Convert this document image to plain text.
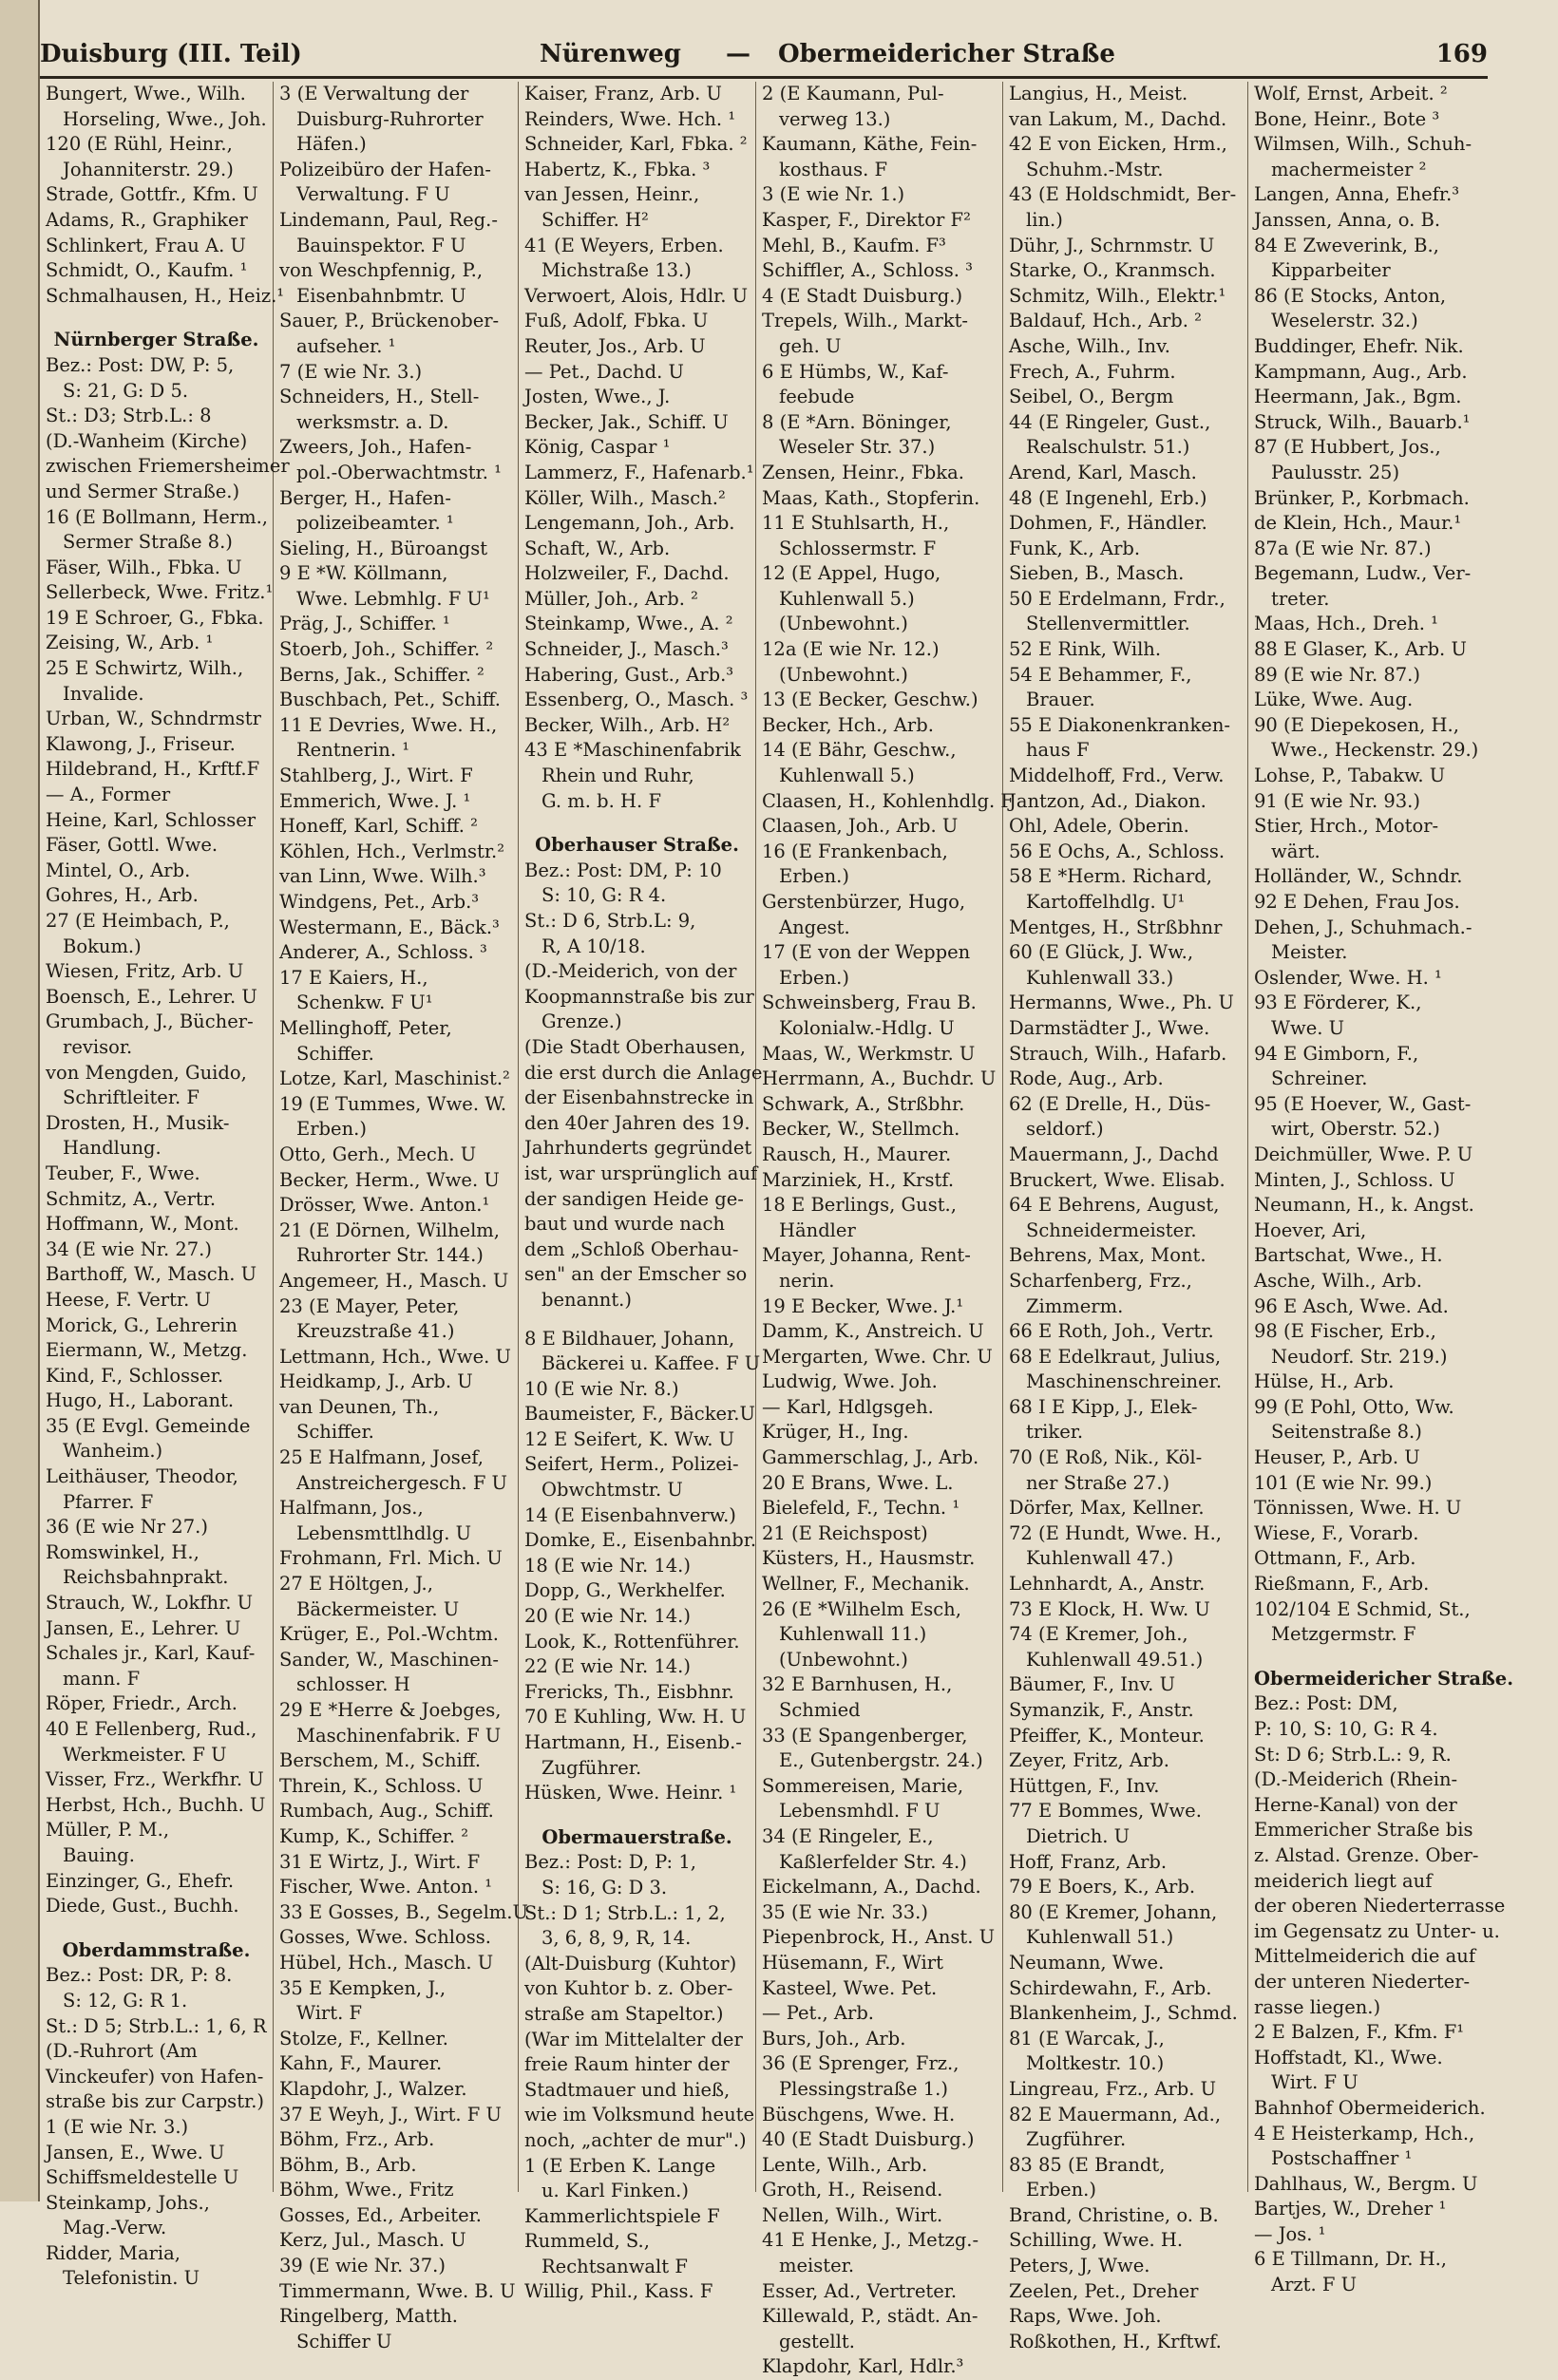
Duisburg (III. Teil)	Nürenweg — Obermeidericher Straße	169
Bungert, Wwe., Wilh.
Horseling, Wwe., Joh.
120 (E Rühl, Heinr.,
Johanniterstr. 29.)
Strade, Gottfr., Kfm. U
Adams, R., Graphiker
Schlinkert, Frau A. U
Schmidt, O., Kaufm. ¹
Schmalhausen, H., Heiz.¹
Nürnberger Straße.
Bez.: Post: DW, P: 5,
S: 21, G: D 5.
St.: D3; Strb.L.: 8
(D.-Wanheim (Kirche)
zwischen Friemersheimer
und Sermer Straße.)
16 (E Bollmann, Herm.,
Sermer Straße 8.)
Fäser, Wilh., Fbka. U
Sellerbeck, Wwe. Fritz.¹
19 E Schroer, G., Fbka.
Zeising, W., Arb. ¹
25 E Schwirtz, Wilh.,
Invalide.
Urban, W., Schndrmstr
Klawong, J., Friseur.
Hildebrand, H., Krftf.F
— A., Former
Heine, Karl, Schlosser
Fäser, Gottl. Wwe.
Mintel, O., Arb.
Gohres, H., Arb.
27 (E Heimbach, P.,
Bokum.)
Wiesen, Fritz, Arb. U
Boensch, E., Lehrer. U
Grumbach, J., Bücher-
revisor.
von Mengden, Guido,
Schriftleiter. F
Drosten, H., Musik-
Handlung.
Teuber, F., Wwe.
Schmitz, A., Vertr.
Hoffmann, W., Mont.
34 (E wie Nr. 27.)
Barthoff, W., Masch. U
Heese, F. Vertr. U
Morick, G., Lehrerin
Eiermann, W., Metzg.
Kind, F., Schlosser.
Hugo, H., Laborant.
35 (E Evgl. Gemeinde
Wanheim.)
Leithäuser, Theodor,
Pfarrer. F
36 (E wie Nr 27.)
Romswinkel, H.,
Reichsbahnprakt.
Strauch, W., Lokfhr. U
Jansen, E., Lehrer. U
Schales jr., Karl, Kauf-
mann. F
Röper, Friedr., Arch.
40 E Fellenberg, Rud.,
Werkmeister. F U
Visser, Frz., Werkfhr. U
Herbst, Hch., Buchh. U
Müller, P. M.,
Bauing.
Einzinger, G., Ehefr.
Diede, Gust., Buchh.
Oberdammstraße.
Bez.: Post: DR, P: 8.
S: 12, G: R 1.
St.: D 5; Strb.L.: 1, 6, R
(D.-Ruhrort (Am
Vinckeufer) von Hafen-
straße bis zur Carpstr.)
1 (E wie Nr. 3.)
Jansen, E., Wwe. U
Schiffsmeldestelle U
Steinkamp, Johs.,
Mag.-Verw.
Ridder, Maria,
Telefonistin. U
3 (E Verwaltung der
Duisburg-Ruhrorter
Häfen.)
Polizeibüro der Hafen-
Verwaltung. F U
Lindemann, Paul, Reg.-
Bauinspektor. F U
von Weschpfennig, P.,
Eisenbahnbmtr. U
Sauer, P., Brückenober-
aufseher. ¹
7 (E wie Nr. 3.)
Schneiders, H., Stell-
werksmstr. a. D.
Zweers, Joh., Hafen-
pol.-Oberwachtmstr. ¹
Berger, H., Hafen-
polizeibeamter. ¹
Sieling, H., Büroangst
9 E *W. Köllmann,
Wwe. Lebmhlg. F U¹
Präg, J., Schiffer. ¹
Stoerb, Joh., Schiffer. ²
Berns, Jak., Schiffer. ²
Buschbach, Pet., Schiff.
11 E Devries, Wwe. H.,
Rentnerin. ¹
Stahlberg, J., Wirt. F
Emmerich, Wwe. J. ¹
Honeff, Karl, Schiff. ²
Köhlen, Hch., Verlmstr.²
van Linn, Wwe. Wilh.³
Windgens, Pet., Arb.³
Westermann, E., Bäck.³
Anderer, A., Schloss. ³
17 E Kaiers, H.,
Schenkw. F U¹
Mellinghoff, Peter,
Schiffer.
Lotze, Karl, Maschinist.²
19 (E Tummes, Wwe. W.
Erben.)
Otto, Gerh., Mech. U
Becker, Herm., Wwe. U
Drösser, Wwe. Anton.¹
21 (E Dörnen, Wilhelm,
Ruhrorter Str. 144.)
Angemeer, H., Masch. U
23 (E Mayer, Peter,
Kreuzstraße 41.)
Lettmann, Hch., Wwe. U
Heidkamp, J., Arb. U
van Deunen, Th.,
Schiffer.
25 E Halfmann, Josef,
Anstreichergesch. F U
Halfmann, Jos.,
Lebensmttlhdlg. U
Frohmann, Frl. Mich. U
27 E Höltgen, J.,
Bäckermeister. U
Krüger, E., Pol.-Wchtm.
Sander, W., Maschinen-
schlosser. H
29 E *Herre & Joebges,
Maschinenfabrik. F U
Berschem, M., Schiff.
Threin, K., Schloss. U
Rumbach, Aug., Schiff.
Kump, K., Schiffer. ²
31 E Wirtz, J., Wirt. F
Fischer, Wwe. Anton. ¹
33 E Gosses, B., Segelm.U
Gosses, Wwe. Schloss.
Hübel, Hch., Masch. U
35 E Kempken, J.,
Wirt. F
Stolze, F., Kellner.
Kahn, F., Maurer.
Klapdohr, J., Walzer.
37 E Weyh, J., Wirt. F U
Böhm, Frz., Arb.
Böhm, B., Arb.
Böhm, Wwe., Fritz
Gosses, Ed., Arbeiter.
Kerz, Jul., Masch. U
39 (E wie Nr. 37.)
Timmermann, Wwe. B. U
Ringelberg, Matth.
Schiffer U
Kaiser, Franz, Arb. U
Reinders, Wwe. Hch. ¹
Schneider, Karl, Fbka. ²
Habertz, K., Fbka. ³
van Jessen, Heinr.,
Schiffer. H²
41 (E Weyers, Erben.
Michstraße 13.)
Verwoert, Alois, Hdlr. U
Fuß, Adolf, Fbka. U
Reuter, Jos., Arb. U
— Pet., Dachd. U
Josten, Wwe., J.
Becker, Jak., Schiff. U
König, Caspar ¹
Lammerz, F., Hafenarb.¹
Köller, Wilh., Masch.²
Lengemann, Joh., Arb.
Schaft, W., Arb.
Holzweiler, F., Dachd.
Müller, Joh., Arb. ²
Steinkamp, Wwe., A. ²
Schneider, J., Masch.³
Habering, Gust., Arb.³
Essenberg, O., Masch. ³
Becker, Wilh., Arb. H²
43 E *Maschinenfabrik
Rhein und Ruhr,
G. m. b. H. F
Oberhauser Straße.
Bez.: Post: DM, P: 10
S: 10, G: R 4.
St.: D 6, Strb.L: 9,
R, A 10/18.
(D.-Meiderich, von der
Koopmannstraße bis zur
Grenze.)
(Die Stadt Oberhausen,
die erst durch die Anlage
der Eisenbahnstrecke in
den 40er Jahren des 19.
Jahrhunderts gegründet
ist, war ursprünglich auf
der sandigen Heide ge-
baut und wurde nach
dem „Schloß Oberhau-
sen" an der Emscher so
benannt.)
8 E Bildhauer, Johann,
Bäckerei u. Kaffee. F U
10 (E wie Nr. 8.)
Baumeister, F., Bäcker.U
12 E Seifert, K. Ww. U
Seifert, Herm., Polizei-
Obwchtmstr. U
14 (E Eisenbahnverw.)
Domke, E., Eisenbahnbr.
18 (E wie Nr. 14.)
Dopp, G., Werkhelfer.
20 (E wie Nr. 14.)
Look, K., Rottenführer.
22 (E wie Nr. 14.)
Frericks, Th., Eisbhnr.
70 E Kuhling, Ww. H. U
Hartmann, H., Eisenb.-
Zugführer.
Hüsken, Wwe. Heinr. ¹
Obermauerstraße.
Bez.: Post: D, P: 1,
S: 16, G: D 3.
St.: D 1; Strb.L.: 1, 2,
3, 6, 8, 9, R, 14.
(Alt-Duisburg (Kuhtor)
von Kuhtor b. z. Ober-
straße am Stapeltor.)
(War im Mittelalter der
freie Raum hinter der
Stadtmauer und hieß,
wie im Volksmund heute
noch, „achter de mur".)
1 (E Erben K. Lange
u. Karl Finken.)
Kammerlichtspiele F
Rummeld, S.,
Rechtsanwalt F
Willig, Phil., Kass. F
2 (E Kaumann, Pul-
verweg 13.)
Kaumann, Käthe, Fein-
kosthaus. F
3 (E wie Nr. 1.)
Kasper, F., Direktor F²
Mehl, B., Kaufm. F³
Schiffler, A., Schloss. ³
4 (E Stadt Duisburg.)
Trepels, Wilh., Markt-
geh. U
6 E Hümbs, W., Kaf-
feebude
8 (E *Arn. Böninger,
Weseler Str. 37.)
Zensen, Heinr., Fbka.
Maas, Kath., Stopferin.
11 E Stuhlsarth, H.,
Schlossermstr. F
12 (E Appel, Hugo,
Kuhlenwall 5.)
(Unbewohnt.)
12a (E wie Nr. 12.)
(Unbewohnt.)
13 (E Becker, Geschw.)
Becker, Hch., Arb.
14 (E Bähr, Geschw.,
Kuhlenwall 5.)
Claasen, H., Kohlenhdlg. F
Claasen, Joh., Arb. U
16 (E Frankenbach,
Erben.)
Gerstenbürzer, Hugo,
Angest.
17 (E von der Weppen
Erben.)
Schweinsberg, Frau B.
Kolonialw.-Hdlg. U
Maas, W., Werkmstr. U
Herrmann, A., Buchdr. U
Schwark, A., Strßbhr.
Becker, W., Stellmch.
Rausch, H., Maurer.
Marziniek, H., Krstf.
18 E Berlings, Gust.,
Händler
Mayer, Johanna, Rent-
nerin.
19 E Becker, Wwe. J.¹
Damm, K., Anstreich. U
Mergarten, Wwe. Chr. U
Ludwig, Wwe. Joh.
— Karl, Hdlgsgeh.
Krüger, H., Ing.
Gammerschlag, J., Arb.
20 E Brans, Wwe. L.
Bielefeld, F., Techn. ¹
21 (E Reichspost)
Küsters, H., Hausmstr.
Wellner, F., Mechanik.
26 (E *Wilhelm Esch,
Kuhlenwall 11.)
(Unbewohnt.)
32 E Barnhusen, H.,
Schmied
33 (E Spangenberger,
E., Gutenbergstr. 24.)
Sommereisen, Marie,
Lebensmhdl. F U
34 (E Ringeler, E.,
Kaßlerfelder Str. 4.)
Eickelmann, A., Dachd.
35 (E wie Nr. 33.)
Piepenbrock, H., Anst. U
Hüsemann, F., Wirt
Kasteel, Wwe. Pet.
— Pet., Arb.
Burs, Joh., Arb.
36 (E Sprenger, Frz.,
Plessingstraße 1.)
Büschgens, Wwe. H.
40 (E Stadt Duisburg.)
Lente, Wilh., Arb.
Groth, H., Reisend.
Nellen, Wilh., Wirt.
41 E Henke, J., Metzg.-
meister.
Esser, Ad., Vertreter.
Killewald, P., städt. An-
gestellt.
Klapdohr, Karl, Hdlr.³
Langius, H., Meist.
van Lakum, M., Dachd.
42 E von Eicken, Hrm.,
Schuhm.-Mstr.
43 (E Holdschmidt, Ber-
lin.)
Dühr, J., Schrnmstr. U
Starke, O., Kranmsch.
Schmitz, Wilh., Elektr.¹
Baldauf, Hch., Arb. ²
Asche, Wilh., Inv.
Frech, A., Fuhrm.
Seibel, O., Bergm
44 (E Ringeler, Gust.,
Realschulstr. 51.)
Arend, Karl, Masch.
48 (E Ingenehl, Erb.)
Dohmen, F., Händler.
Funk, K., Arb.
Sieben, B., Masch.
50 E Erdelmann, Frdr.,
Stellenvermittler.
52 E Rink, Wilh.
54 E Behammer, F.,
Brauer.
55 E Diakonenkranken-
haus F
Middelhoff, Frd., Verw.
Jantzon, Ad., Diakon.
Ohl, Adele, Oberin.
56 E Ochs, A., Schloss.
58 E *Herm. Richard,
Kartoffelhdlg. U¹
Mentges, H., Strßbhnr
60 (E Glück, J. Ww.,
Kuhlenwall 33.)
Hermanns, Wwe., Ph. U
Darmstädter J., Wwe.
Strauch, Wilh., Hafarb.
Rode, Aug., Arb.
62 (E Drelle, H., Düs-
seldorf.)
Mauermann, J., Dachd
Bruckert, Wwe. Elisab.
64 E Behrens, August,
Schneidermeister.
Behrens, Max, Mont.
Scharfenberg, Frz.,
Zimmerm.
66 E Roth, Joh., Vertr.
68 E Edelkraut, Julius,
Maschinenschreiner.
68 I E Kipp, J., Elek-
triker.
70 (E Roß, Nik., Köl-
ner Straße 27.)
Dörfer, Max, Kellner.
72 (E Hundt, Wwe. H.,
Kuhlenwall 47.)
Lehnhardt, A., Anstr.
73 E Klock, H. Ww. U
74 (E Kremer, Joh.,
Kuhlenwall 49.51.)
Bäumer, F., Inv. U
Symanzik, F., Anstr.
Pfeiffer, K., Monteur.
Zeyer, Fritz, Arb.
Hüttgen, F., Inv.
77 E Bommes, Wwe.
Dietrich. U
Hoff, Franz, Arb.
79 E Boers, K., Arb.
80 (E Kremer, Johann,
Kuhlenwall 51.)
Neumann, Wwe.
Schirdewahn, F., Arb.
Blankenheim, J., Schmd.
81 (E Warcak, J.,
Moltkestr. 10.)
Lingreau, Frz., Arb. U
82 E Mauermann, Ad.,
Zugführer.
83 85 (E Brandt,
Erben.)
Brand, Christine, o. B.
Schilling, Wwe. H.
Peters, J, Wwe.
Zeelen, Pet., Dreher
Raps, Wwe. Joh.
Roßkothen, H., Krftwf.
Wolf, Ernst, Arbeit. ²
Bone, Heinr., Bote ³
Wilmsen, Wilh., Schuh-
machermeister ²
Langen, Anna, Ehefr.³
Janssen, Anna, o. B.
84 E Zweverink, B.,
Kipparbeiter
86 (E Stocks, Anton,
Weselerstr. 32.)
Buddinger, Ehefr. Nik.
Kampmann, Aug., Arb.
Heermann, Jak., Bgm.
Struck, Wilh., Bauarb.¹
87 (E Hubbert, Jos.,
Paulusstr. 25)
Brünker, P., Korbmach.
de Klein, Hch., Maur.¹
87a (E wie Nr. 87.)
Begemann, Ludw., Ver-
treter.
Maas, Hch., Dreh. ¹
88 E Glaser, K., Arb. U
89 (E wie Nr. 87.)
Lüke, Wwe. Aug.
90 (E Diepekosen, H.,
Wwe., Heckenstr. 29.)
Lohse, P., Tabakw. U
91 (E wie Nr. 93.)
Stier, Hrch., Motor-
wärt.
Holländer, W., Schndr.
92 E Dehen, Frau Jos.
Dehen, J., Schuhmach.-
Meister.
Oslender, Wwe. H. ¹
93 E Förderer, K.,
Wwe. U
94 E Gimborn, F.,
Schreiner.
95 (E Hoever, W., Gast-
wirt, Oberstr. 52.)
Deichmüller, Wwe. P. U
Minten, J., Schloss. U
Neumann, H., k. Angst.
Hoever, Ari,
Bartschat, Wwe., H.
Asche, Wilh., Arb.
96 E Asch, Wwe. Ad.
98 (E Fischer, Erb.,
Neudorf. Str. 219.)
Hülse, H., Arb.
99 (E Pohl, Otto, Ww.
Seitenstraße 8.)
Heuser, P., Arb. U
101 (E wie Nr. 99.)
Tönnissen, Wwe. H. U
Wiese, F., Vorarb.
Ottmann, F., Arb.
Rießmann, F., Arb.
102/104 E Schmid, St.,
Metzgermstr. F
Obermeidericher Straße.
Bez.: Post: DM,
P: 10, S: 10, G: R 4.
St: D 6; Strb.L.: 9, R.
(D.-Meiderich (Rhein-
Herne-Kanal) von der
Emmericher Straße bis
z. Alstad. Grenze. Ober-
meiderich liegt auf
der oberen Niederterrasse
im Gegensatz zu Unter- u.
Mittelmeiderich die auf
der unteren Niederter-
rasse liegen.)
2 E Balzen, F., Kfm. F¹
Hoffstadt, Kl., Wwe.
Wirt. F U
Bahnhof Obermeiderich.
4 E Heisterkamp, Hch.,
Postschaffner ¹
Dahlhaus, W., Bergm. U
Bartjes, W., Dreher ¹
— Jos. ¹
6 E Tillmann, Dr. H.,
Arzt. F U
